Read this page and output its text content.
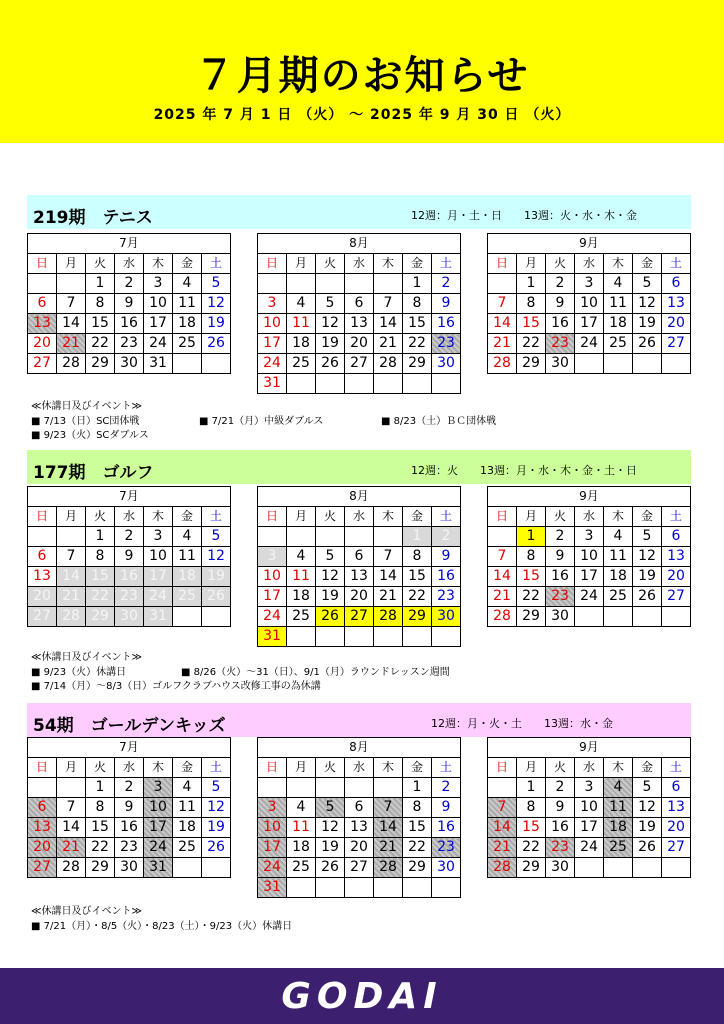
７月期のお知らせ
2025 年 7 月 1 日 （火） ～ 2025 年 9 月 30 日 （火）
219期　テニス	12週：月・土・日　　13週：火・水・木・金
7月						
日	月	火	水	木	金	土
		1	2	3	4	5
6	7	8	9	10	11	12
13	14	15	16	17	18	19
20	21	22	23	24	25	26
27	28	29	30	31		
8月						
日	月	火	水	木	金	土
					1	2
3	4	5	6	7	8	9
10	11	12	13	14	15	16
17	18	19	20	21	22	23
24	25	26	27	28	29	30
31						
9月						
日	月	火	水	木	金	土
	1	2	3	4	5	6
7	8	9	10	11	12	13
14	15	16	17	18	19	20
21	22	23	24	25	26	27
28	29	30				
≪休講日及びイベント≫
■ 7/13（日）SC団体戦	■ 7/21（月）中級ダブルス	■ 8/23（土）ＢＣ団体戦
■ 9/23（火）SCダブルス
177期　ゴルフ	12週：火　　13週：月・水・木・金・土・日
7月						
日	月	火	水	木	金	土
		1	2	3	4	5
6	7	8	9	10	11	12
13	14	15	16	17	18	19
20	21	22	23	24	25	26
27	28	29	30	31		
8月						
日	月	火	水	木	金	土
					1	2
3	4	5	6	7	8	9
10	11	12	13	14	15	16
17	18	19	20	21	22	23
24	25	26	27	28	29	30
31						
9月						
日	月	火	水	木	金	土
	1	2	3	4	5	6
7	8	9	10	11	12	13
14	15	16	17	18	19	20
21	22	23	24	25	26	27
28	29	30				
≪休講日及びイベント≫
■ 9/23（火）休講日	■ 8/26（火）～31（日）、9/1（月）ラウンドレッスン週間
■ 7/14（月）～8/3（日）ゴルフクラブハウス改修工事の為休講
54期　ゴールデンキッズ	12週：月・火・土　　13週：水・金
7月						
日	月	火	水	木	金	土
		1	2	3	4	5
6	7	8	9	10	11	12
13	14	15	16	17	18	19
20	21	22	23	24	25	26
27	28	29	30	31		
8月						
日	月	火	水	木	金	土
					1	2
3	4	5	6	7	8	9
10	11	12	13	14	15	16
17	18	19	20	21	22	23
24	25	26	27	28	29	30
31						
9月						
日	月	火	水	木	金	土
	1	2	3	4	5	6
7	8	9	10	11	12	13
14	15	16	17	18	19	20
21	22	23	24	25	26	27
28	29	30				
≪休講日及びイベント≫
■ 7/21（月）・8/5（火）・8/23（土）・9/23（火）休講日
GODAI
